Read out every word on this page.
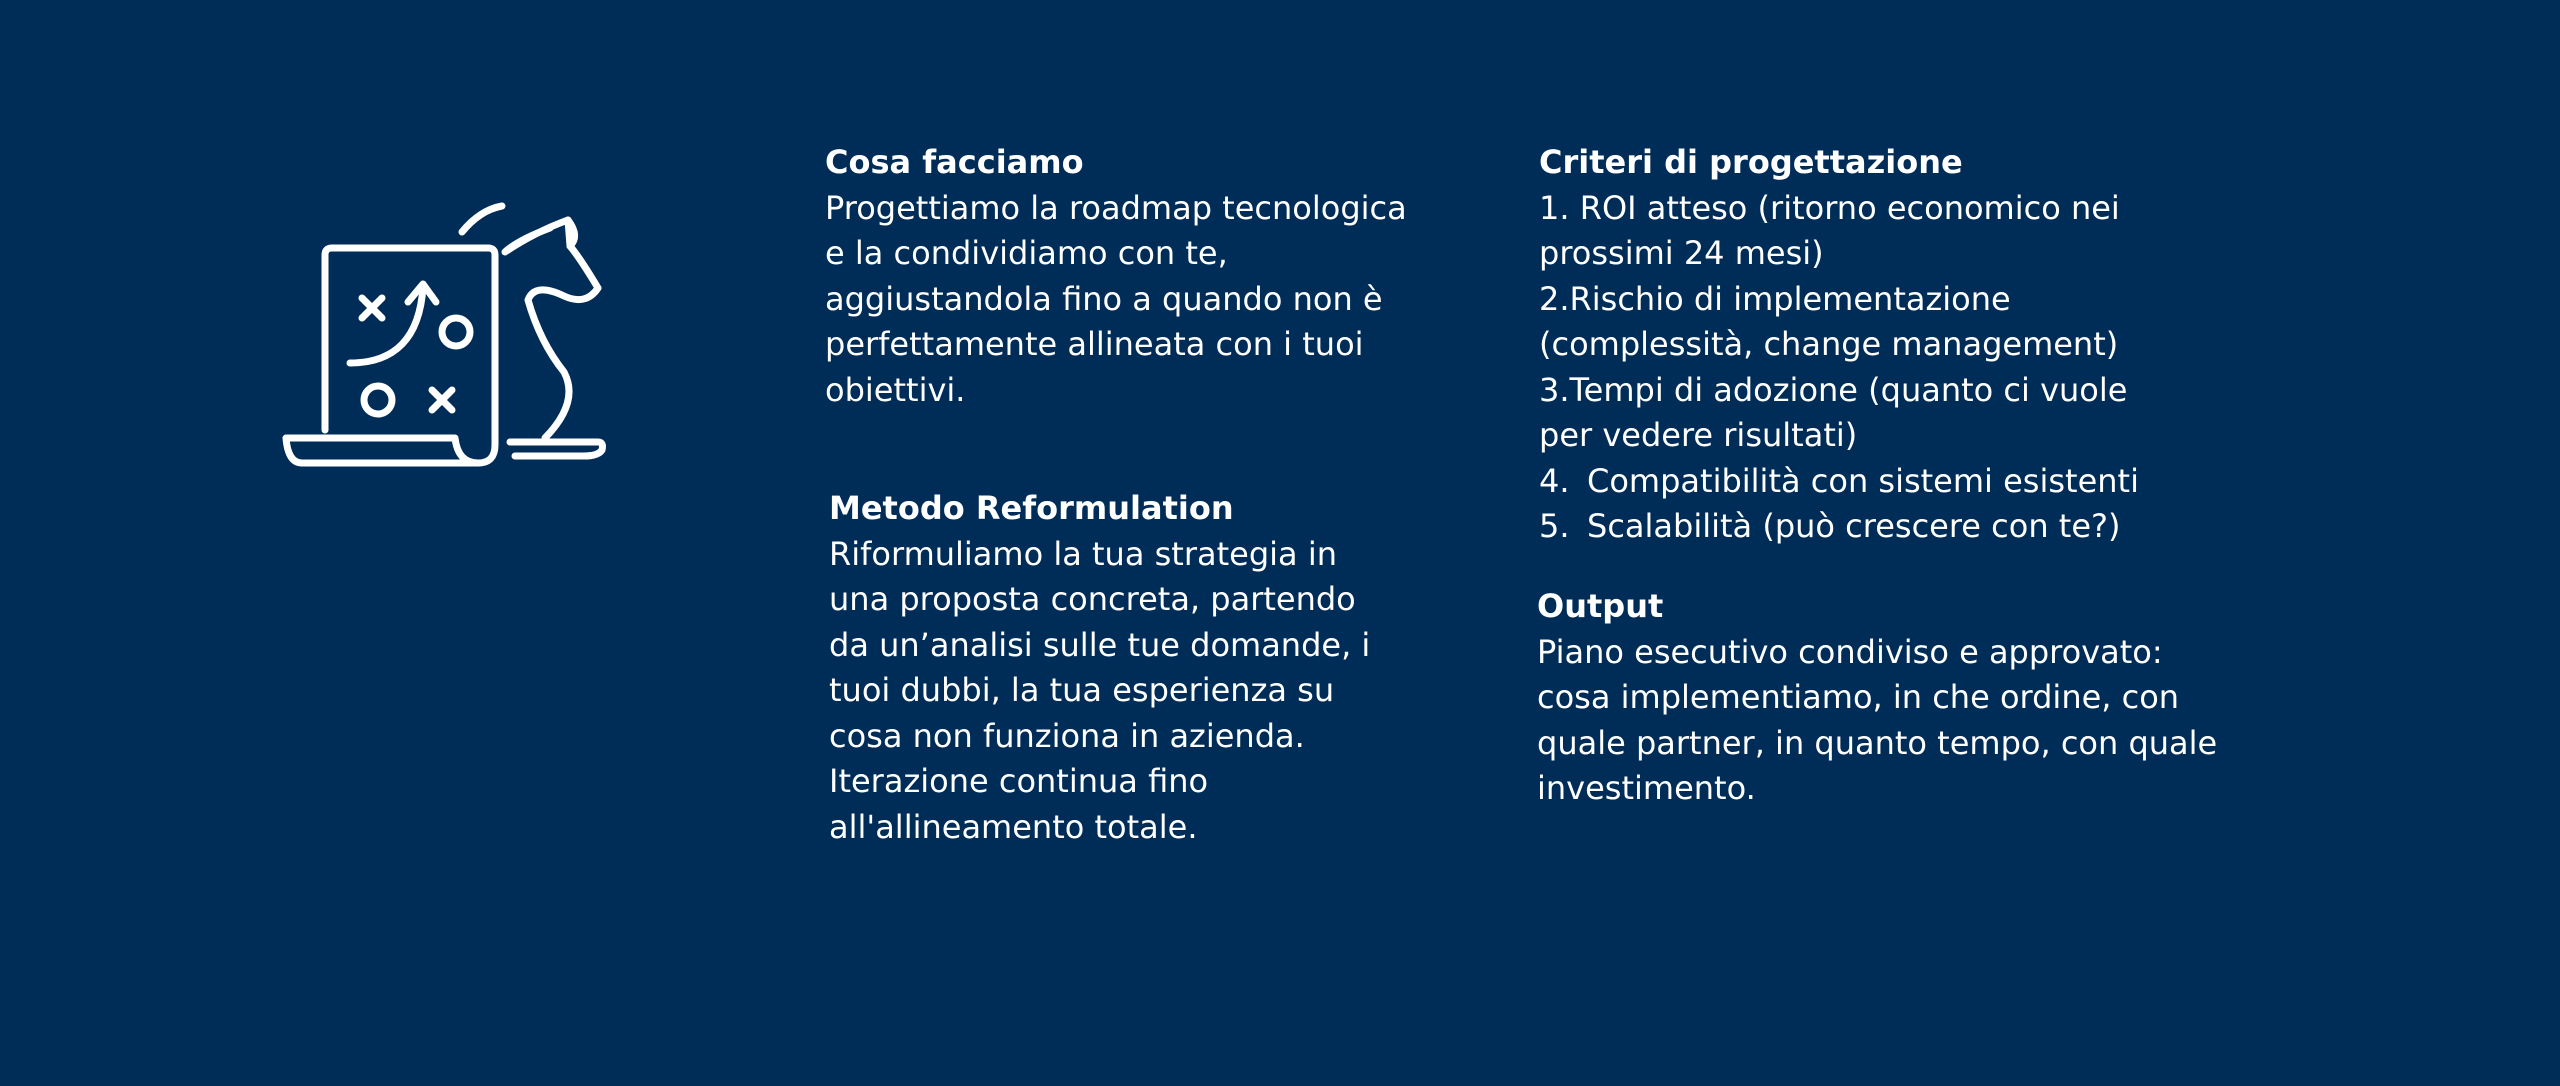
Cosa facciamo
Progettiamo la roadmap tecnologica
e la condividiamo con te,
aggiustandola fino a quando non è
perfettamente allineata con i tuoi
obiettivi.
Metodo Reformulation
Riformuliamo la tua strategia in
una proposta concreta, partendo
da un’analisi sulle tue domande, i
tuoi dubbi, la tua esperienza su
cosa non funziona in azienda.
Iterazione continua fino
all'allineamento totale.
Criteri di progettazione
1. ROI atteso (ritorno economico nei
prossimi 24 mesi)
2.Rischio di implementazione
(complessità, change management)
3.Tempi di adozione (quanto ci vuole
per vedere risultati)
4. Compatibilità con sistemi esistenti
5. Scalabilità (può crescere con te?)
Output
Piano esecutivo condiviso e approvato:
cosa implementiamo, in che ordine, con
quale partner, in quanto tempo, con quale
investimento.
